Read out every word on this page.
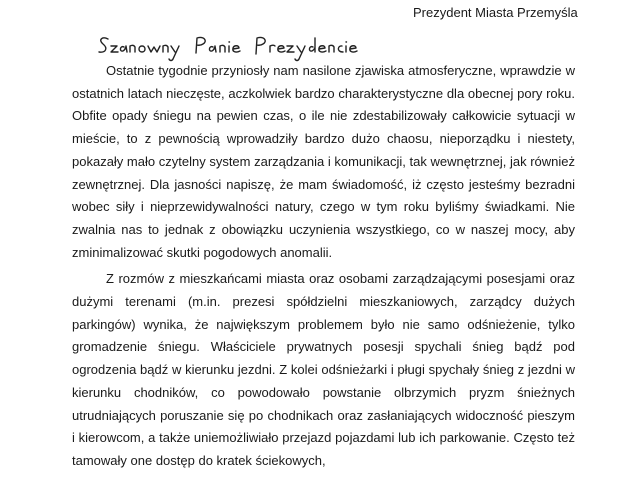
Prezydent Miasta Przemyśla

Ostatnie tygodnie przyniosły nam nasilone zjawiska atmosferyczne, wprawdzie w ostatnich latach nieczęste, aczkolwiek bardzo charakterystyczne dla obecnej pory roku. Obfite opady śniegu na pewien czas, o ile nie zdestabilizowały całkowicie sytuacji w mieście, to z pewnością wprowadziły bardzo dużo chaosu, nieporządku i niestety, pokazały mało czytelny system zarządzania i komunikacji, tak wewnętrznej, jak również zewnętrznej. Dla jasności napiszę, że mam świadomość, iż często jesteśmy bezradni wobec siły i nieprzewidywalności natury, czego w tym roku byliśmy świadkami. Nie zwalnia nas to jednak z obowiązku uczynienia wszystkiego, co w naszej mocy, aby zminimalizować skutki pogodowych anomalii.

Z rozmów z mieszkańcami miasta oraz osobami zarządzającymi posesjami oraz dużymi terenami (m.in. prezesi spółdzielni mieszkaniowych, zarządcy dużych parkingów) wynika, że największym problemem było nie samo odśnieżenie, tylko gromadzenie śniegu. Właściciele prywatnych posesji spychali śnieg bądź pod ogrodzenia bądź w kierunku jezdni. Z kolei odśnieżarki i pługi spychały śnieg z jezdni w kierunku chodników, co powodowało powstanie olbrzymich pryzm śnieżnych utrudniających poruszanie się po chodnikach oraz zasłaniających widoczność pieszym i kierowcom, a także uniemożliwiało przejazd pojazdami lub ich parkowanie. Często też tamowały one dostęp do kratek ściekowych,
